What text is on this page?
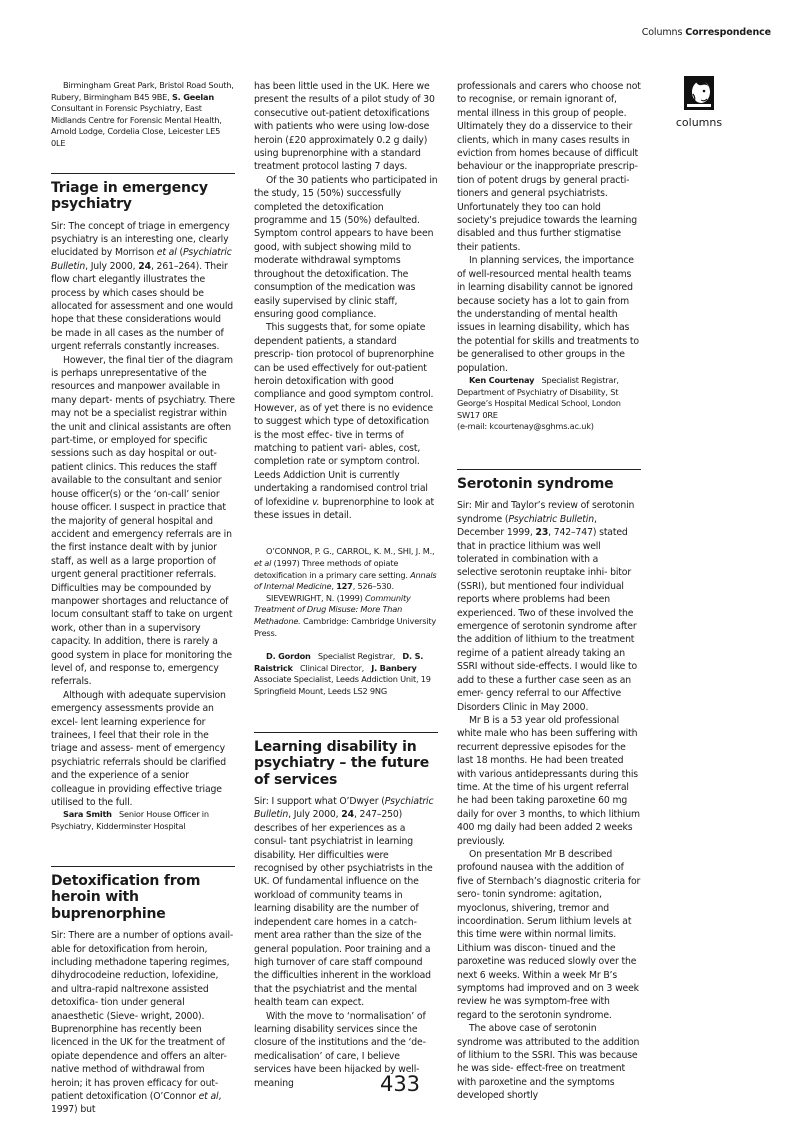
Columns Correspondence
columns

Birmingham Great Park, Bristol Road South, Rubery, Birmingham B45 9BE, S. Geelan Consultant in Forensic Psychiatry, East Midlands Centre for Forensic Mental Health, Arnold Lodge, Cordelia Close, Leicester LE5 0LE

Triage in emergency psychiatry

Sir: The concept of triage in emergency psychiatry is an interesting one, clearly elucidated by Morrison et al (Psychiatric Bulletin, July 2000, 24, 261–264). Their flow chart elegantly illustrates the process by which cases should be allocated for assessment and one would hope that these considerations would be made in all cases as the number of urgent referrals constantly increases.

However, the final tier of the diagram is perhaps unrepresentative of the resources and manpower available in many depart- ments of psychiatry. There may not be a specialist registrar within the unit and clinical assistants are often part-time, or employed for specific sessions such as day hospital or out-patient clinics. This reduces the staff available to the consultant and senior house officer(s) or the ‘on-call’ senior house officer. I suspect in practice that the majority of general hospital and accident and emergency referrals are in the first instance dealt with by junior staff, as well as a large proportion of urgent general practitioner referrals. Difficulties may be compounded by manpower shortages and reluctance of locum consultant staff to take on urgent work, other than in a supervisory capacity. In addition, there is rarely a good system in place for monitoring the level of, and response to, emergency referrals.

Although with adequate supervision emergency assessments provide an excel- lent learning experience for trainees, I feel that their role in the triage and assess- ment of emergency psychiatric referrals should be clarified and the experience of a senior colleague in providing effective triage utilised to the full.

Sara Smith Senior House Officer in Psychiatry, Kidderminster Hospital

Detoxification from heroin with buprenorphine

Sir: There are a number of options avail- able for detoxification from heroin, including methadone tapering regimes, dihydrocodeine reduction, lofexidine, and ultra-rapid naltrexone assisted detoxifica- tion under general anaesthetic (Sieve- wright, 2000). Buprenorphine has recently been licenced in the UK for the treatment of opiate dependence and offers an alter- native method of withdrawal from heroin; it has proven efficacy for out-patient detoxification (O’Connor et al, 1997) but

has been little used in the UK. Here we present the results of a pilot study of 30 consecutive out-patient detoxifications with patients who were using low-dose heroin (£20 approximately 0.2 g daily) using buprenorphine with a standard treatment protocol lasting 7 days.

Of the 30 patients who participated in the study, 15 (50%) successfully completed the detoxification programme and 15 (50%) defaulted. Symptom control appears to have been good, with subject showing mild to moderate withdrawal symptoms throughout the detoxification. The consumption of the medication was easily supervised by clinic staff, ensuring good compliance.

This suggests that, for some opiate dependent patients, a standard prescrip- tion protocol of buprenorphine can be used effectively for out-patient heroin detoxification with good compliance and good symptom control. However, as of yet there is no evidence to suggest which type of detoxification is the most effec- tive in terms of matching to patient vari- ables, cost, completion rate or symptom control. Leeds Addiction Unit is currently undertaking a randomised control trial of lofexidine v. buprenorphine to look at these issues in detail.

O’CONNOR, P. G., CARROL, K. M., SHI, J. M., et al (1997) Three methods of opiate detoxification in a primary care setting. Annals of Internal Medicine, 127, 526–530.

SIEVEWRIGHT, N. (1999) Community Treatment of Drug Misuse: More Than Methadone. Cambridge: Cambridge University Press.

D. Gordon Specialist Registrar, D. S. Raistrick Clinical Director, J. Banbery   Associate Specialist, Leeds Addiction Unit, 19 Springfield Mount, Leeds LS2 9NG

Learning disability in psychiatry – the future of services

Sir: I support what O’Dwyer (Psychiatric Bulletin, July 2000, 24, 247–250) describes of her experiences as a consul- tant psychiatrist in learning disability. Her difficulties were recognised by other psychiatrists in the UK. Of fundamental influence on the workload of community teams in learning disability are the number of independent care homes in a catch- ment area rather than the size of the general population. Poor training and a high turnover of care staff compound the difficulties inherent in the workload that the psychiatrist and the mental health team can expect.

With the move to ‘normalisation’ of learning disability services since the closure of the institutions and the ‘de- medicalisation’ of care, I believe services have been hijacked by well-meaning

professionals and carers who choose not to recognise, or remain ignorant of, mental illness in this group of people. Ultimately they do a disservice to their clients, which in many cases results in eviction from homes because of difficult behaviour or the inappropriate prescrip- tion of potent drugs by general practi- tioners and general psychiatrists. Unfortunately they too can hold society’s prejudice towards the learning disabled and thus further stigmatise their patients.

In planning services, the importance of well-resourced mental health teams in learning disability cannot be ignored because society has a lot to gain from the understanding of mental health issues in learning disability, which has the potential for skills and treatments to be generalised to other groups in the population.

Ken Courtenay Specialist Registrar, Department of Psychiatry of Disability, St George’s Hospital Medical School, London SW17 0RE
(e-mail: kcourtenay@sghms.ac.uk)

Serotonin syndrome

Sir: Mir and Taylor’s review of serotonin syndrome (Psychiatric Bulletin, December 1999, 23, 742–747) stated that in practice lithium was well tolerated in combination with a selective serotonin reuptake inhi- bitor (SSRI), but mentioned four individual reports where problems had been experienced. Two of these involved the emergence of serotonin syndrome after the addition of lithium to the treatment regime of a patient already taking an SSRI without side-effects. I would like to add to these a further case seen as an emer- gency referral to our Affective Disorders Clinic in May 2000.

Mr B is a 53 year old professional white male who has been suffering with recurrent depressive episodes for the last 18 months. He had been treated with various antidepressants during this time. At the time of his urgent referral he had been taking paroxetine 60 mg daily for over 3 months, to which lithium 400 mg daily had been added 2 weeks previously.

On presentation Mr B described profound nausea with the addition of five of Sternbach’s diagnostic criteria for sero- tonin syndrome: agitation, myoclonus, shivering, tremor and incoordination. Serum lithium levels at this time were within normal limits. Lithium was discon- tinued and the paroxetine was reduced slowly over the next 6 weeks. Within a week Mr B’s symptoms had improved and on 3 week review he was symptom-free with regard to the serotonin syndrome.

The above case of serotonin syndrome was attributed to the addition of lithium to the SSRI. This was because he was side- effect-free on treatment with paroxetine and the symptoms developed shortly

433
